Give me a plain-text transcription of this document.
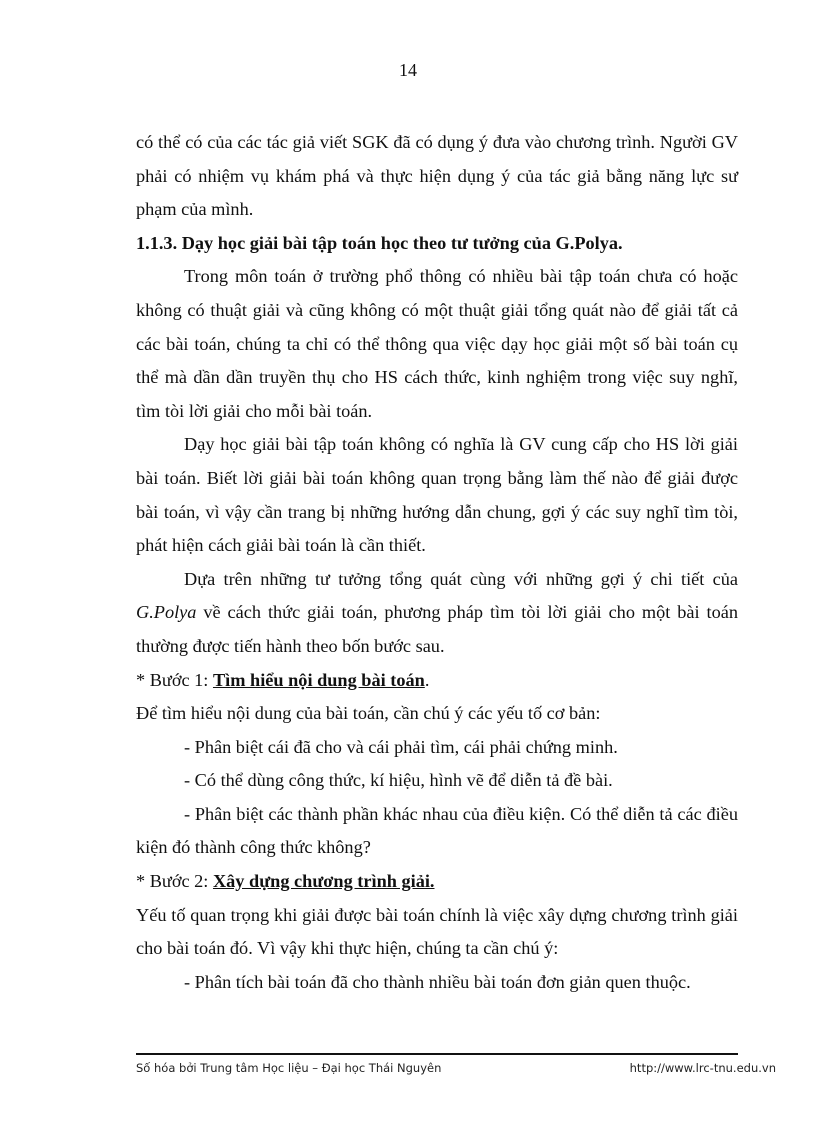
14

có thể có của các tác giả viết SGK đã có dụng ý đưa vào chương trình. Người GV phải có nhiệm vụ khám phá và thực hiện dụng ý của tác giả bằng năng lực sư phạm của mình.

1.1.3. Dạy học giải bài tập toán học theo tư tưởng của G.Polya.

Trong môn toán ở trường phổ thông có nhiều bài tập toán chưa có hoặc không có thuật giải và cũng không có một thuật giải tổng quát nào để giải tất cả các bài toán, chúng ta chỉ có thể thông qua việc dạy học giải một số bài toán cụ thể mà dần dần truyền thụ cho HS cách thức, kinh nghiệm trong việc suy nghĩ, tìm tòi lời giải cho mỗi bài toán.

Dạy học giải bài tập toán không có nghĩa là GV cung cấp cho HS lời giải bài toán. Biết lời giải bài toán không quan trọng bằng làm thế nào để giải được bài toán, vì vậy cần trang bị những hướng dẫn chung, gợi ý các suy nghĩ tìm tòi, phát hiện cách giải bài toán là cần thiết.

Dựa trên những tư tưởng tổng quát cùng với những gợi ý chi tiết của G.Polya về cách thức giải toán, phương pháp tìm tòi lời giải cho một bài toán thường được tiến hành theo bốn bước sau.

* Bước 1: Tìm hiểu nội dung bài toán.

Để tìm hiểu nội dung của bài toán, cần chú ý các yếu tố cơ bản:

- Phân biệt cái đã cho và cái phải tìm, cái phải chứng minh.

- Có thể dùng công thức, kí hiệu, hình vẽ để diễn tả đề bài.

- Phân biệt các thành phần khác nhau của điều kiện. Có thể diễn tả các điều kiện đó thành công thức không?

* Bước 2: Xây dựng chương trình giải.

Yếu tố quan trọng khi giải được bài toán chính là việc xây dựng chương trình giải cho bài toán đó. Vì vậy khi thực hiện, chúng ta cần chú ý:

- Phân tích bài toán đã cho thành nhiều bài toán đơn giản quen thuộc.

Số hóa bởi Trung tâm Học liệu – Đại học Thái Nguyên	http://www.lrc-tnu.edu.vn
